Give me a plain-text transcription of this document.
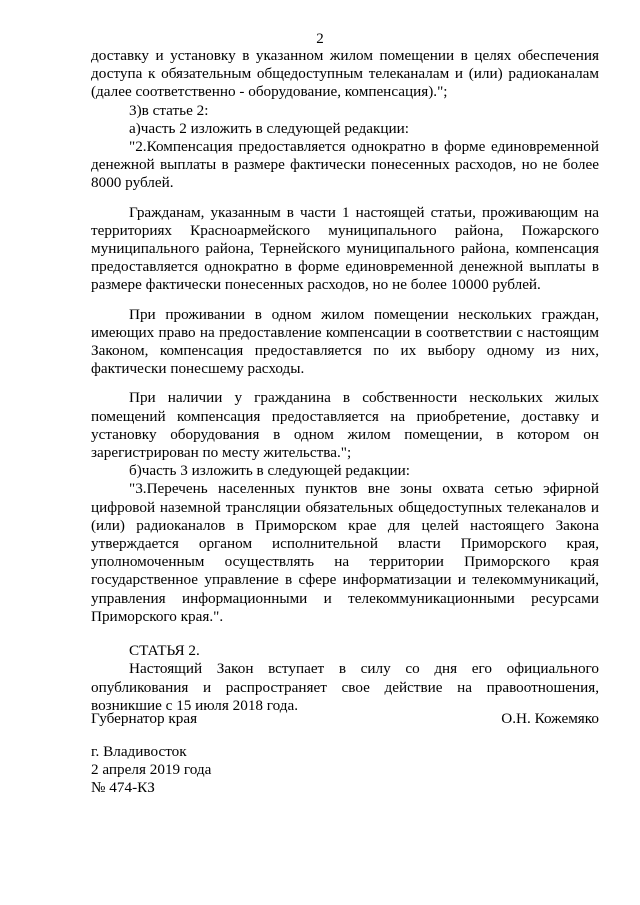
2

доставку и установку в указанном жилом помещении в целях обеспечения доступа к обязательным общедоступным телеканалам и (или) радиоканалам (далее соответственно - оборудование, компенсация).";

3)в статье 2:

а)часть 2 изложить в следующей редакции:

"2.Компенсация предоставляется однократно в форме единовременной денежной выплаты в размере фактически понесенных расходов, но не более 8000 рублей.

Гражданам, указанным в части 1 настоящей статьи, проживающим на территориях Красноармейского муниципального района, Пожарского муниципального района, Тернейского муниципального района, компенсация предоставляется однократно в форме единовременной денежной выплаты в размере фактически понесенных расходов, но не более 10000 рублей.

При проживании в одном жилом помещении нескольких граждан, имеющих право на предоставление компенсации в соответствии с настоящим Законом, компенсация предоставляется по их выбору одному из них, фактически понесшему расходы.

При наличии у гражданина в собственности нескольких жилых помещений компенсация предоставляется на приобретение, доставку и установку оборудования в одном жилом помещении, в котором он зарегистрирован по месту жительства.";

б)часть 3 изложить в следующей редакции:

"3.Перечень населенных пунктов вне зоны охвата сетью эфирной цифровой наземной трансляции обязательных общедоступных телеканалов и (или) радиоканалов в Приморском крае для целей настоящего Закона утверждается органом исполнительной власти Приморского края, уполномоченным осуществлять на территории Приморского края государственное управление в сфере информатизации и телекоммуникаций, управления информационными и телекоммуникационными ресурсами Приморского края.".

СТАТЬЯ 2.

Настоящий Закон вступает в силу со дня его официального опубликования и распространяет свое действие на правоотношения, возникшие с 15 июля 2018 года.

Губернатор края	О.Н. Кожемяко
г. Владивосток
2 апреля 2019 года
№ 474-КЗ
